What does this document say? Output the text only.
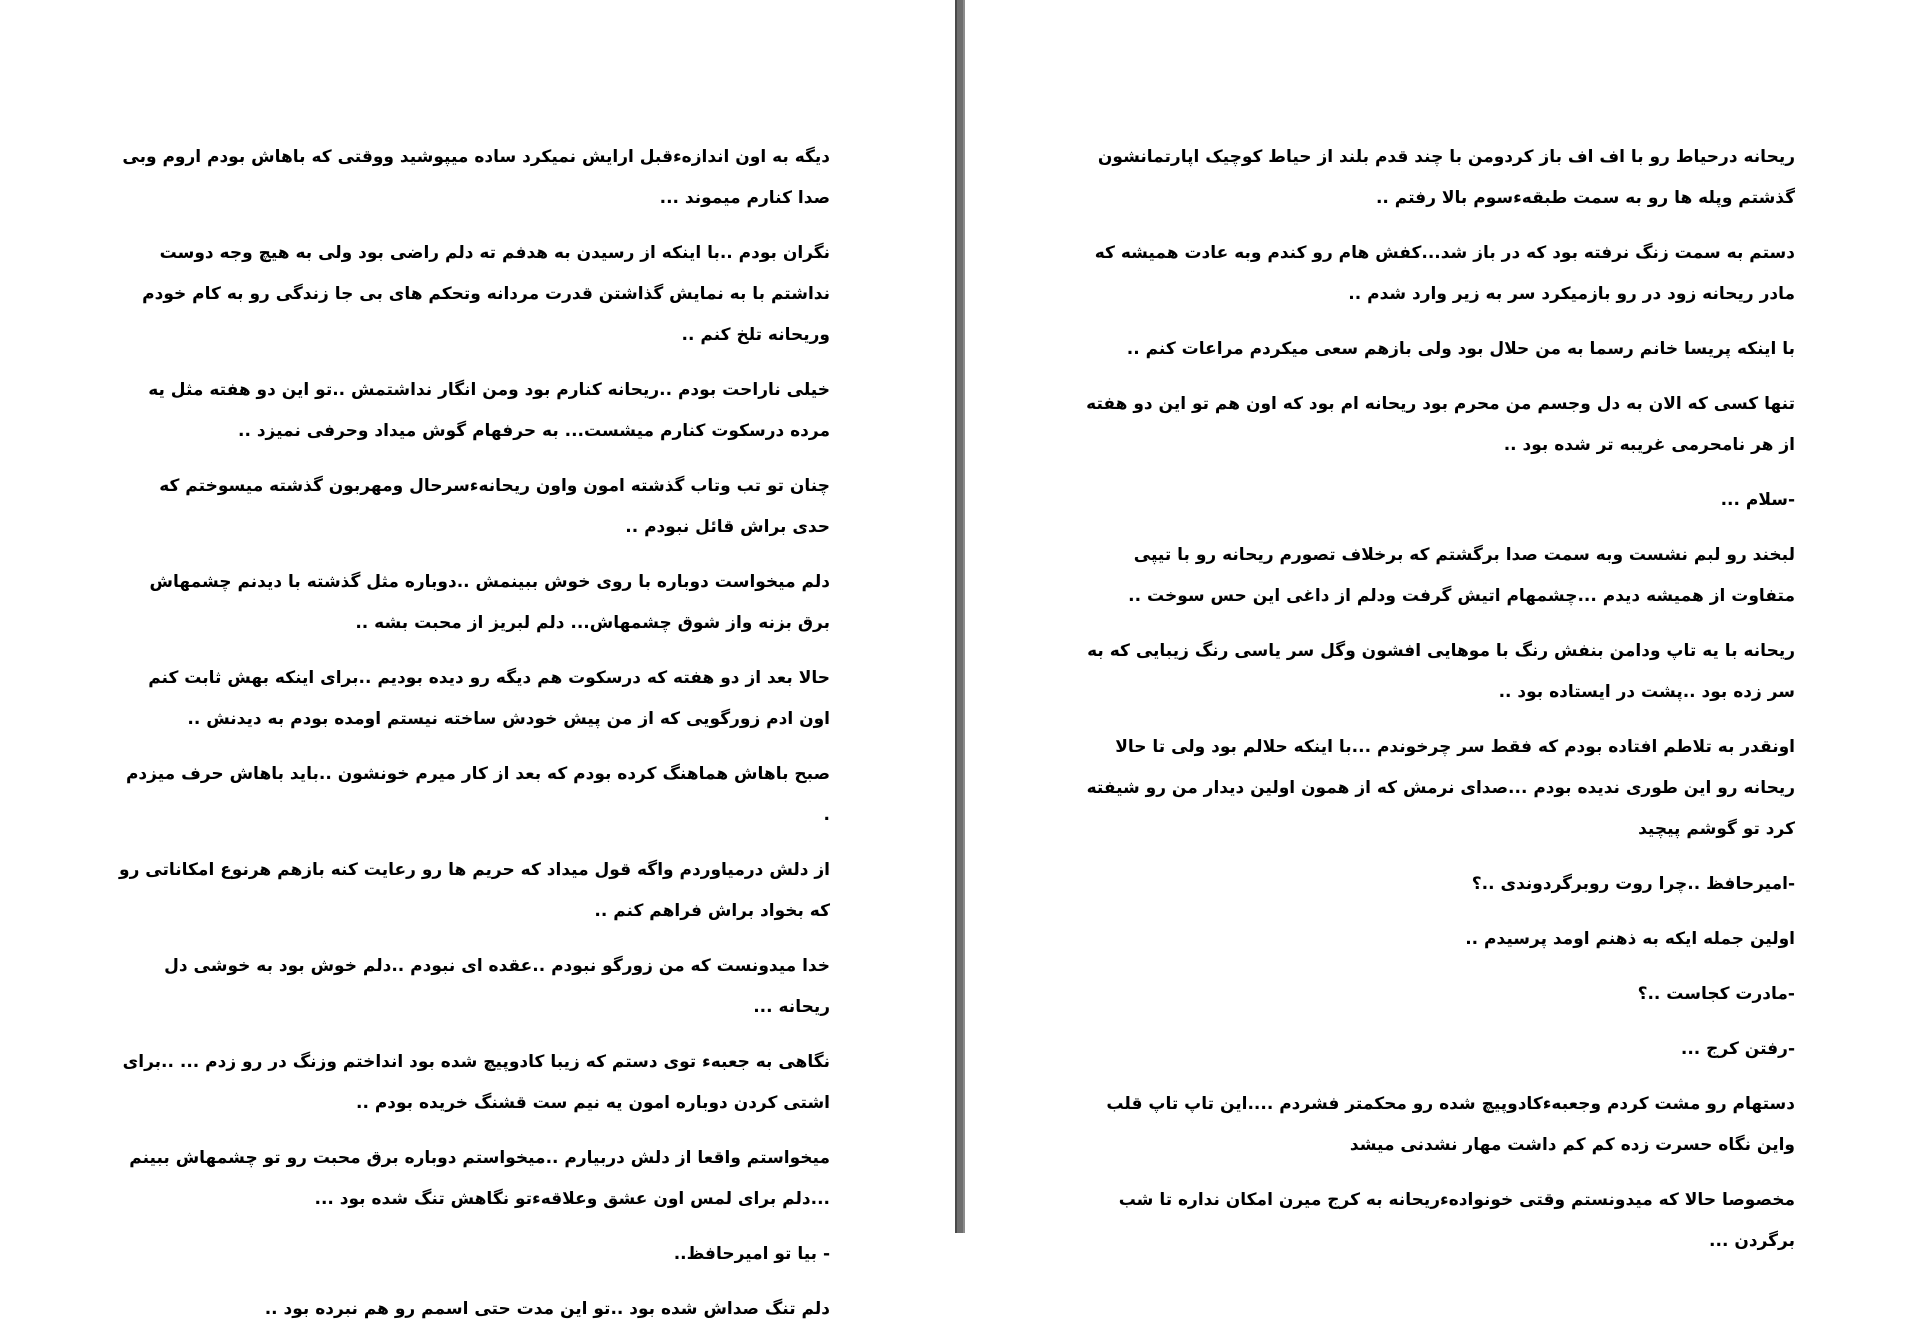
دیگه به اون اندازه‌ء‌قبل ارایش نمیکرد ساده میپوشید ووقتی که باهاش بودم اروم وبی صدا کنارم میموند ...

نگران بودم ..با اینکه از رسیدن به هدفم ته دلم راضی بود ولی به هیچ وجه دوست نداشتم با به نمایش گذاشتن قدرت مردانه وتحکم های بی جا زندگی رو به کام خودم وریحانه تلخ کنم ..

خیلی ناراحت بودم ..ریحانه کنارم بود ومن انگار نداشتمش ..تو این دو هفته مثل یه مرده درسکوت کنارم میشست... به حرفهام گوش میداد وحرفی نمیزد ..

چنان تو تب وتاب گذشته امون واون ریحانه‌ء‌سرحال ومهربون گذشته میسوختم که حدی براش قائل نبودم ..

دلم میخواست دوباره با روی خوش ببینمش ..دوباره مثل گذشته با دیدنم چشمهاش برق بزنه واز شوق چشمهاش... دلم لبریز از محبت بشه ..

حالا بعد از دو هفته که درسکوت هم دیگه رو دیده بودیم ..برای اینکه بهش ثابت کنم اون ادم زورگویی که از من پیش خودش ساخته نیستم اومده بودم به دیدنش ..

صبح باهاش هماهنگ کرده بودم که بعد از کار میرم خونشون ..باید باهاش حرف میزدم .

از دلش درمیاوردم واگه قول میداد که حریم ها رو رعایت کنه بازهم هرنوع امکاناتی رو که بخواد براش فراهم کنم ..

خدا میدونست که من زورگو نبودم ..عقده ای نبودم ..دلم خوش بود به خوشی دل ریحانه ...

نگاهی به جعبه‌ء توی دستم که زیبا کادوپیچ شده بود انداختم وزنگ در رو زدم ... ..برای اشتی کردن دوباره امون یه نیم ست قشنگ خریده بودم ..

میخواستم واقعا از دلش دربیارم ..میخواستم دوباره برق محبت رو تو چشمهاش ببینم ...دلم برای لمس اون عشق وعلاقه‌ء‌تو نگاهش تنگ شده بود ...

- بیا تو امیرحافظ..

دلم تنگ صداش شده بود ..تو این مدت حتی اسمم رو هم نبرده بود ..

ریحانه درحیاط رو با اف اف باز کردومن با چند قدم بلند از حیاط کوچیک اپارتمانشون گذشتم وپله ها رو به سمت طبقه‌ء‌سوم بالا رفتم ..

دستم به سمت زنگ نرفته بود که در باز شد...کفش هام رو کندم وبه عادت همیشه که مادر ریحانه زود در رو بازمیکرد سر به زیر وارد شدم ..

با اینکه پریسا خانم رسما به من حلال بود ولی بازهم سعی میکردم مراعات کنم ..

تنها کسی که الان به دل وجسم من محرم بود ریحانه ام بود که اون هم تو این دو هفته از هر نامحرمی غریبه تر شده بود ..

-سلام ...

لبخند رو لبم نشست وبه سمت صدا برگشتم که برخلاف تصورم ریحانه رو با تیپی متفاوت از همیشه دیدم ...چشمهام اتیش گرفت ودلم از داغی این حس سوخت ..

ریحانه با یه تاپ ودامن بنفش رنگ با موهایی افشون وگل سر یاسی رنگ زیبایی که به سر زده بود ..پشت در ایستاده بود ..

اونقدر به تلاطم افتاده بودم که فقط سر چرخوندم ...با اینکه حلالم بود ولی تا حالا ریحانه رو این طوری ندیده بودم ...صدای نرمش که از همون اولین دیدار من رو شیفته کرد تو گوشم پیچید

-امیرحافظ ..چرا روت روبرگردوندی ..؟

اولین جمله ایکه به ذهنم اومد پرسیدم ..

-مادرت کجاست ..؟

-رفتن کرج ...

دستهام رو مشت کردم وجعبه‌ء‌کادوپیچ شده رو محکمتر فشردم ....این تاپ تاپ قلب واین نگاه حسرت زده کم کم داشت مهار نشدنی میشد

مخصوصا حالا که میدونستم وقتی خونواده‌ء‌ریحانه به کرج میرن امکان نداره تا شب برگردن ...
